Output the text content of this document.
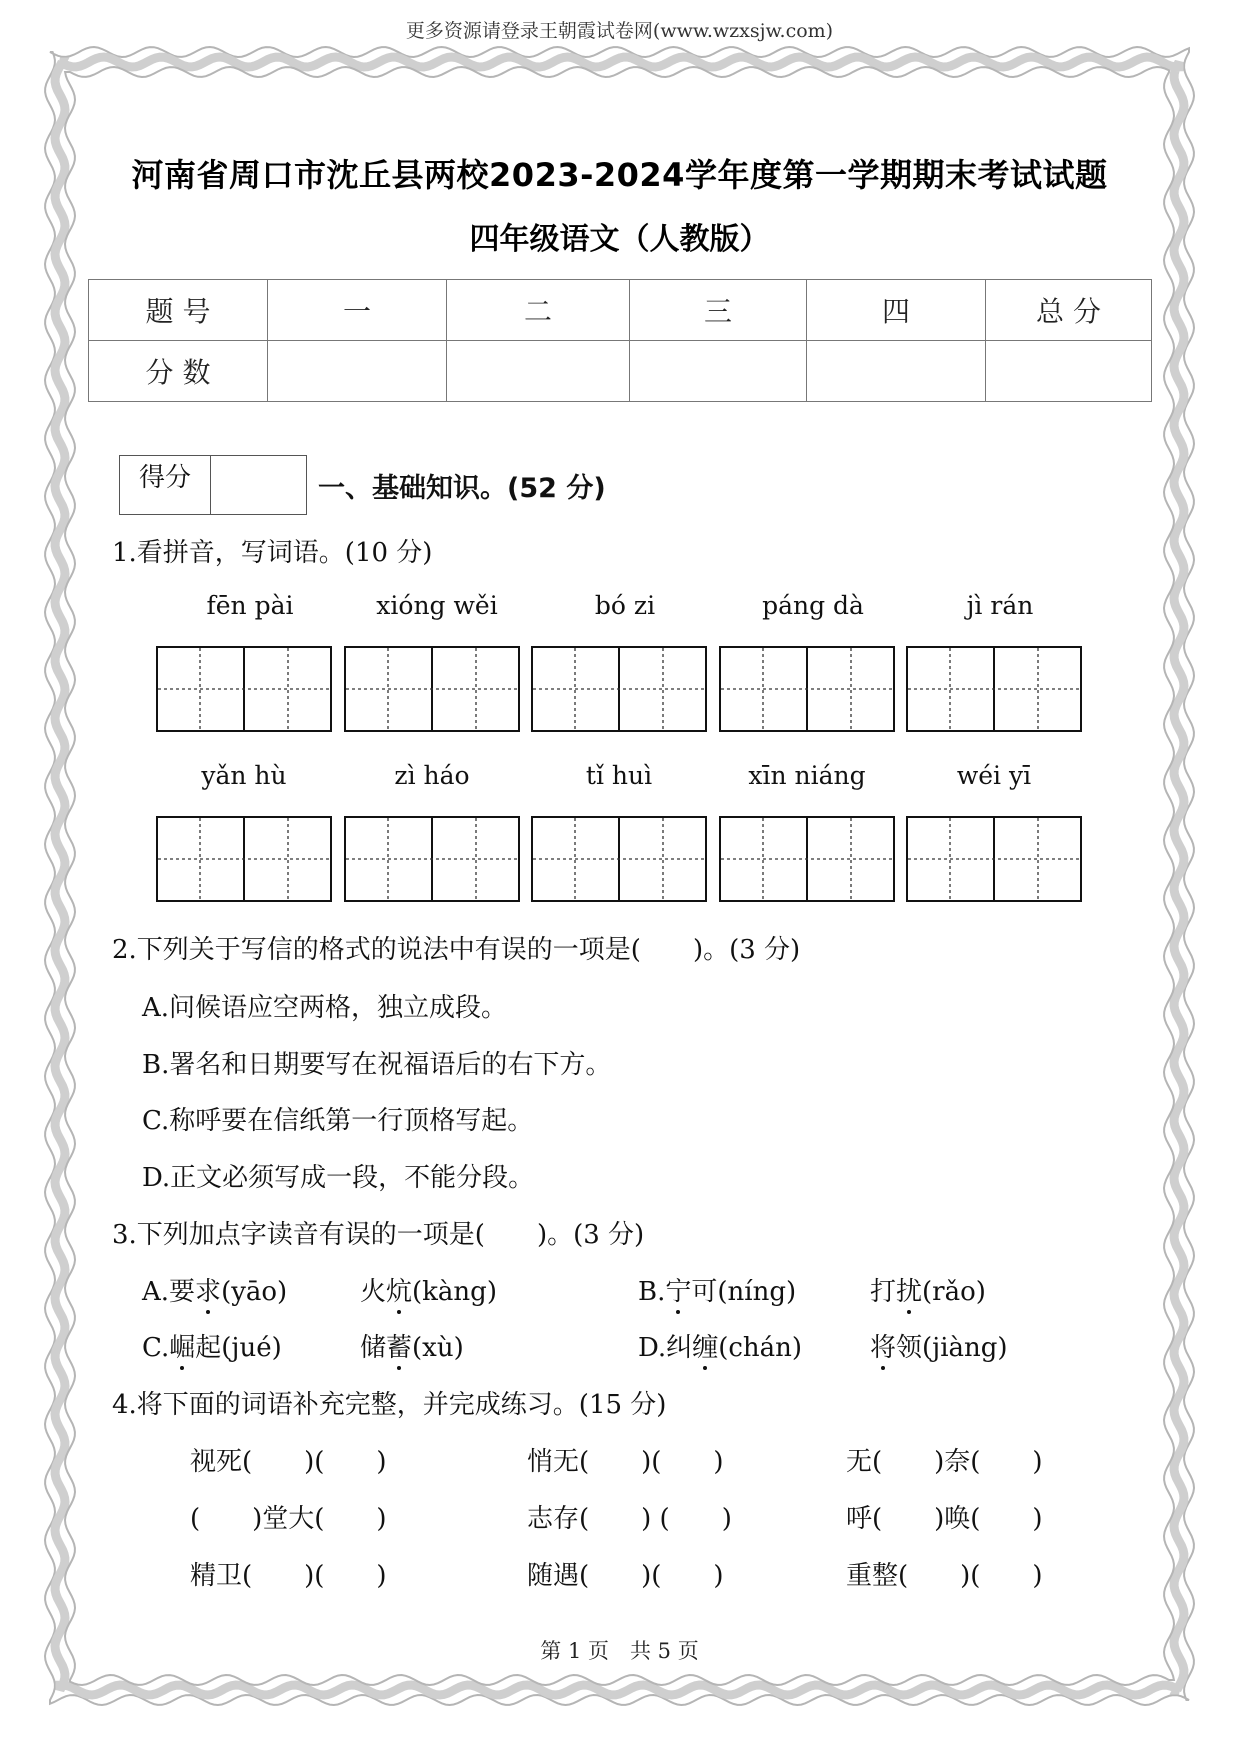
更多资源请登录王朝霞试卷网(www.wzxsjw.com)
河南省周口市沈丘县两校2023-2024学年度第一学期期末考试试题
四年级语文（人教版）
题 号	一	二	三	四	总 分
分 数					
得分	一、基础知识。(52 分)
1.看拼音，写词语。(10 分)
fēn pài	xióng wěi	bó zi	páng dà	jì rán
yǎn hù	zì háo	tǐ huì	xīn niáng	wéi yī
2.下列关于写信的格式的说法中有误的一项是(　　)。(3 分)
A.问候语应空两格，独立成段。
B.署名和日期要写在祝福语后的右下方。
C.称呼要在信纸第一行顶格写起。
D.正文必须写成一段，不能分段。
3.下列加点字读音有误的一项是(　　)。(3 分)
A.要求(yāo)	火炕(kàng)	B.宁可(níng)	打扰(rǎo)
C.崛起(jué)	储蓄(xù)	D.纠缠(chán)	将领(jiàng)
4.将下面的词语补充完整，并完成练习。(15 分)
视死(　　)(　　)	悄无(　　)(　　)	无(　　)奈(　　)
(　　)堂大(　　)	志存(　　) (　　)	呼(　　)唤(　　)
精卫(　　)(　　)	随遇(　　)(　　)	重整(　　)(　　)
第 1 页　共 5 页
